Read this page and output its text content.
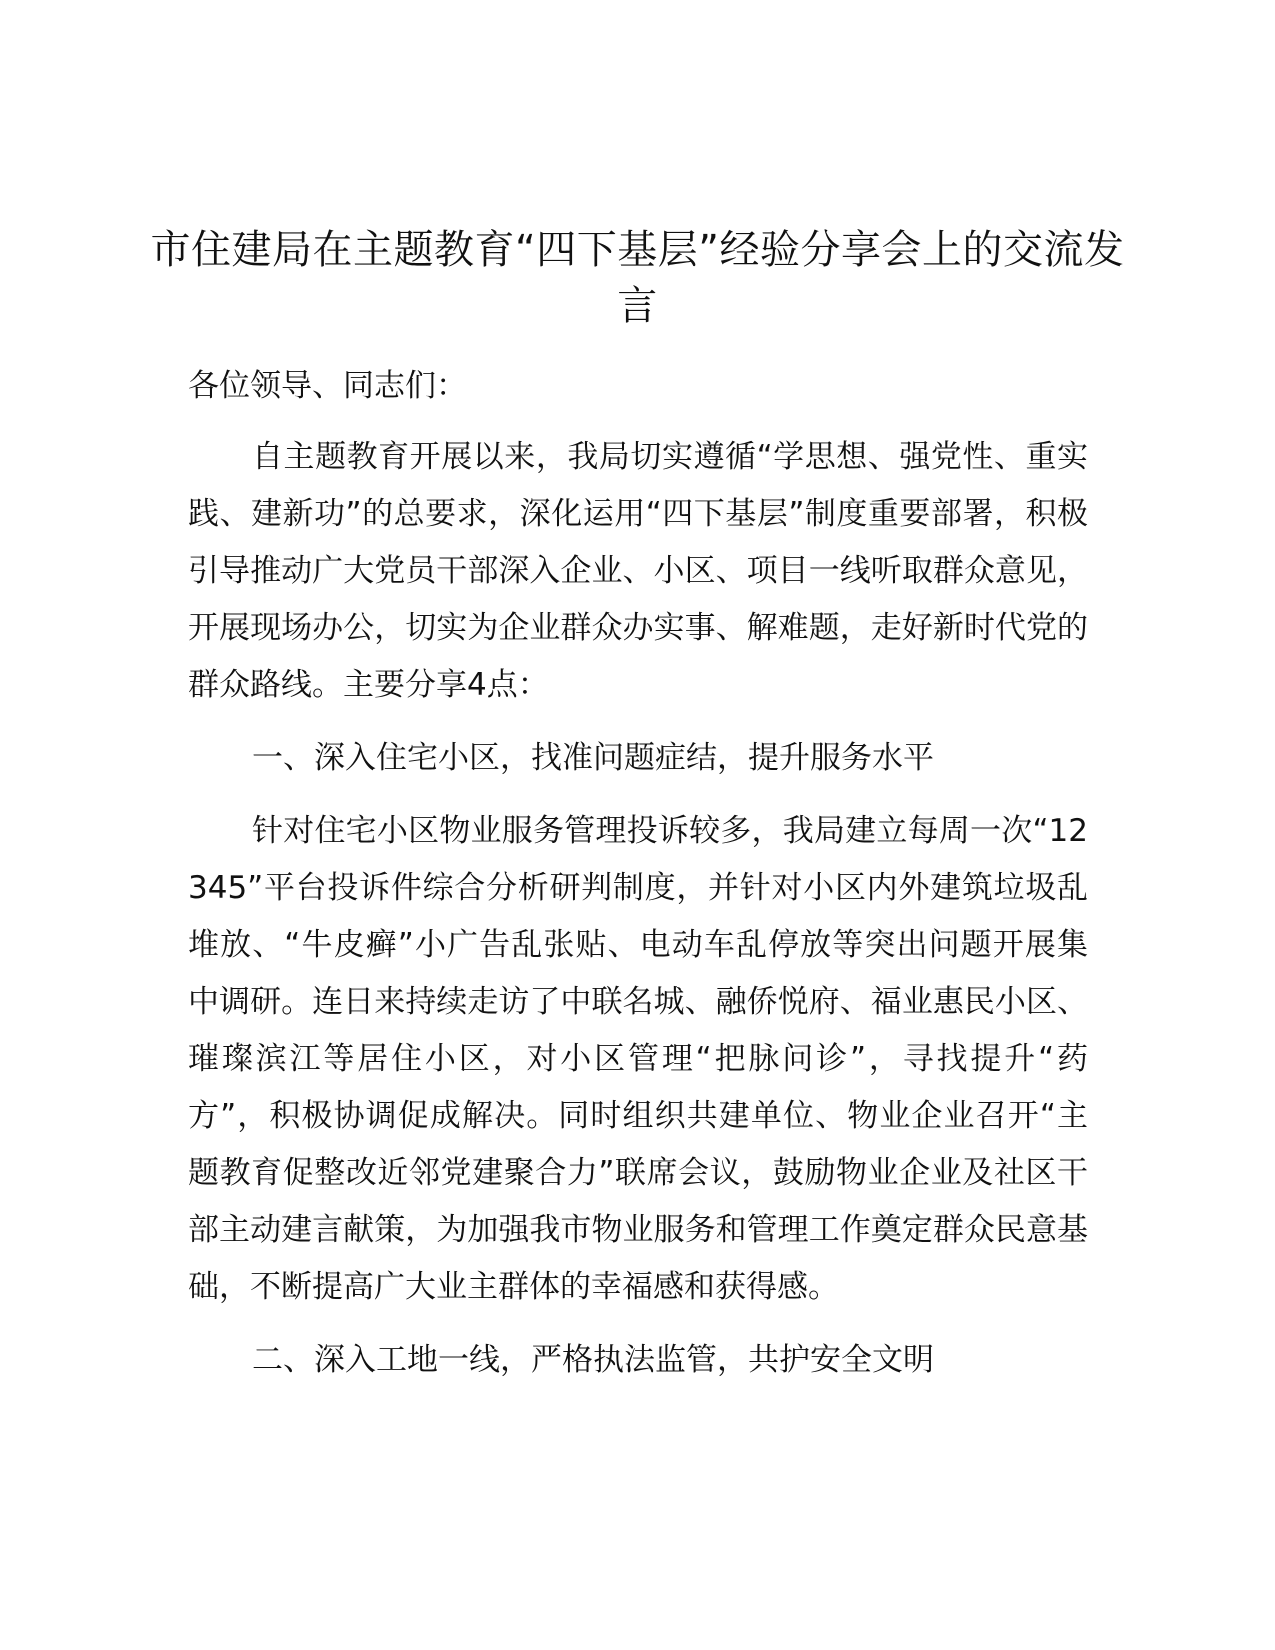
市住建局在主题教育“四下基层”经验分享会上的交流发言

各位领导、同志们：

自主题教育开展以来，我局切实遵循“学思想、强党性、重实践、建新功”的总要求，深化运用“四下基层”制度重要部署，积极引导推动广大党员干部深入企业、小区、项目一线听取群众意见，开展现场办公，切实为企业群众办实事、解难题，走好新时代党的群众路线。主要分享4点：

一、深入住宅小区，找准问题症结，提升服务水平

针对住宅小区物业服务管理投诉较多，我局建立每周一次“12345”平台投诉件综合分析研判制度，并针对小区内外建筑垃圾乱堆放、“牛皮癣”小广告乱张贴、电动车乱停放等突出问题开展集中调研。连日来持续走访了中联名城、融侨悦府、福业惠民小区、璀璨滨江等居住小区，对小区管理“把脉问诊”，寻找提升“药方”，积极协调促成解决。同时组织共建单位、物业企业召开“主题教育促整改近邻党建聚合力”联席会议，鼓励物业企业及社区干部主动建言献策，为加强我市物业服务和管理工作奠定群众民意基础，不断提高广大业主群体的幸福感和获得感。

二、深入工地一线，严格执法监管，共护安全文明
